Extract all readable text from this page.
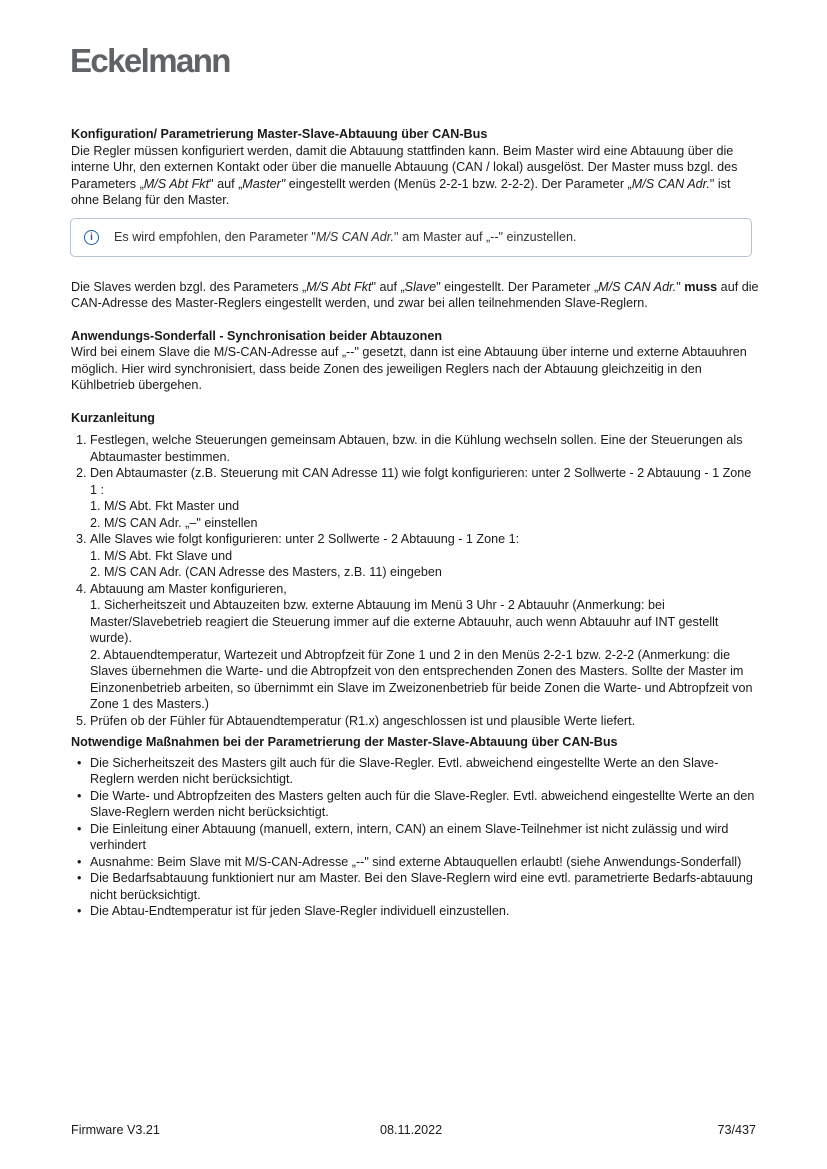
Eckelmann

Konfiguration/ Parametrierung Master-Slave-Abtauung über CAN-Bus

Die Regler müssen konfiguriert werden, damit die Abtauung stattfinden kann. Beim Master wird eine Abtauung über die interne Uhr, den externen Kontakt oder über die manuelle Abtauung (CAN / lokal) ausgelöst. Der Master muss bzgl. des Parameters „M/S Abt Fkt" auf „Master" eingestellt werden (Menüs 2-2-1 bzw. 2-2-2). Der Parameter „M/S CAN Adr." ist ohne Belang für den Master.

i
Es wird empfohlen, den Parameter "M/S CAN Adr." am Master auf „--" einzustellen.

Die Slaves werden bzgl. des Parameters „M/S Abt Fkt" auf „Slave" eingestellt. Der Parameter „M/S CAN Adr." muss auf die CAN-Adresse des Master-Reglers eingestellt werden, und zwar bei allen teilnehmenden Slave-Reglern.

Anwendungs-Sonderfall - Synchronisation beider Abtauzonen

Wird bei einem Slave die M/S-CAN-Adresse auf „--" gesetzt, dann ist eine Abtauung über interne und externe Abtauuhren möglich. Hier wird synchronisiert, dass beide Zonen des jeweiligen Reglers nach der Abtauung gleichzeitig in den Kühlbetrieb übergehen.

Kurzanleitung

1. Festlegen, welche Steuerungen gemeinsam Abtauen, bzw. in die Kühlung wechseln sollen. Eine der Steuerungen als Abtaumaster bestimmen.
2. Den Abtaumaster (z.B. Steuerung mit CAN Adresse 11) wie folgt konfigurieren: unter 2 Sollwerte - 2 Abtauung - 1 Zone 1 :
1. M/S Abt. Fkt Master und
2. M/S CAN Adr. „–" einstellen
3. Alle Slaves wie folgt konfigurieren: unter 2 Sollwerte - 2 Abtauung - 1 Zone 1:
1. M/S Abt. Fkt Slave und
2. M/S CAN Adr. (CAN Adresse des Masters, z.B. 11) eingeben
4. Abtauung am Master konfigurieren,
1. Sicherheitszeit und Abtauzeiten bzw. externe Abtauung im Menü 3 Uhr - 2 Abtauuhr (Anmerkung: bei Master/Slavebetrieb reagiert die Steuerung immer auf die externe Abtauuhr, auch wenn Abtauuhr auf INT gestellt wurde).
2. Abtauendtemperatur, Wartezeit und Abtropfzeit für Zone 1 und 2 in den Menüs 2-2-1 bzw. 2-2-2 (Anmerkung: die Slaves übernehmen die Warte- und die Abtropfzeit von den entsprechenden Zonen des Masters. Sollte der Master im Einzonenbetrieb arbeiten, so übernimmt ein Slave im Zweizonenbetrieb für beide Zonen die Warte- und Abtropfzeit von Zone 1 des Masters.)
5. Prüfen ob der Fühler für Abtauendtemperatur (R1.x) angeschlossen ist und plausible Werte liefert.

Notwendige Maßnahmen bei der Parametrierung der Master-Slave-Abtauung über CAN-Bus

• Die Sicherheitszeit des Masters gilt auch für die Slave-Regler. Evtl. abweichend eingestellte Werte an den Slave-Reglern werden nicht berücksichtigt.
• Die Warte- und Abtropfzeiten des Masters gelten auch für die Slave-Regler. Evtl. abweichend eingestellte Werte an den Slave-Reglern werden nicht berücksichtigt.
• Die Einleitung einer Abtauung (manuell, extern, intern, CAN) an einem Slave-Teilnehmer ist nicht zulässig und wird verhindert
• Ausnahme: Beim Slave mit M/S-CAN-Adresse „--" sind externe Abtauquellen erlaubt! (siehe Anwendungs-Sonderfall)
• Die Bedarfsabtauung funktioniert nur am Master. Bei den Slave-Reglern wird eine evtl. parametrierte Bedarfs-abtauung nicht berücksichtigt.
• Die Abtau-Endtemperatur ist für jeden Slave-Regler individuell einzustellen.
Firmware V3.21	08.11.2022	73/437
